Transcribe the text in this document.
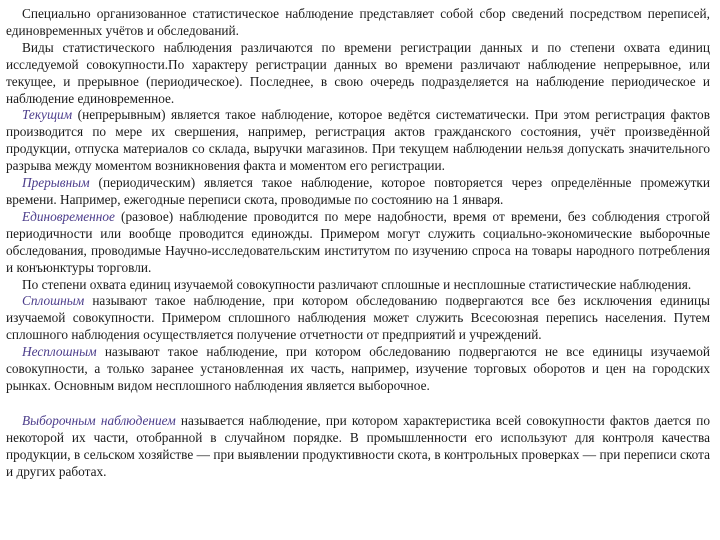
Специально организованное статистическое наблюдение представляет собой сбор сведений посредством переписей, единовременных учётов и обследований.

Виды статистического наблюдения различаются по времени регистрации данных и по степени охвата единиц исследуемой совокупности.По характеру регистрации данных во времени различают наблюдение непрерывное, или текущее, и прерывное (периодическое). Последнее, в свою очередь подразделяется на наблюдение периодическое и наблюдение единовременное.

Текущим (непрерывным) является такое наблюдение, которое ведётся систематически. При этом регистрация фактов производится по мере их свершения, например, регистрация актов гражданского состояния, учёт произведённой продукции, отпуска материалов со склада, выручки магазинов. При текущем наблюдении нельзя допускать значительного разрыва между моментом возникновения факта и моментом его регистрации.

Прерывным (периодическим) является такое наблюдение, которое повторяется через определённые промежутки времени. Например, ежегодные переписи скота, проводимые по состоянию на 1 января.

Единовременное (разовое) наблюдение проводится по мере надобности, время от времени, без соблюдения строгой периодичности или вообще проводится единожды. Примером могут служить социально-экономические выборочные обследования, проводимые Научно-исследовательским институтом по изучению спроса на товары народного потребления и конъюнктуры торговли.

По степени охвата единиц изучаемой совокупности различают сплошные и несплошные статистические наблюдения.

Сплошным называют такое наблюдение, при котором обследованию подвергаются все без исключения единицы изучаемой совокупности. Примером сплошного наблюдения может служить Всесоюзная перепись населения. Путем сплошного наблюдения осуществляется получение отчетности от предприятий и учреждений.

Несплошным называют такое наблюдение, при котором обследованию подвергаются не все единицы изучаемой совокупности, а только заранее установленная их часть, например, изучение торговых оборотов и цен на городских рынках. Основным видом несплошного наблюдения является выборочное.

Выборочным наблюдением называется наблюдение, при котором характеристика всей совокупности фактов дается по некоторой их части, отобранной в случайном порядке. В промышленности его используют для контроля качества продукции, в сельском хозяйстве — при выявлении продуктивности скота, в контрольных проверках — при переписи скота и других работах.
